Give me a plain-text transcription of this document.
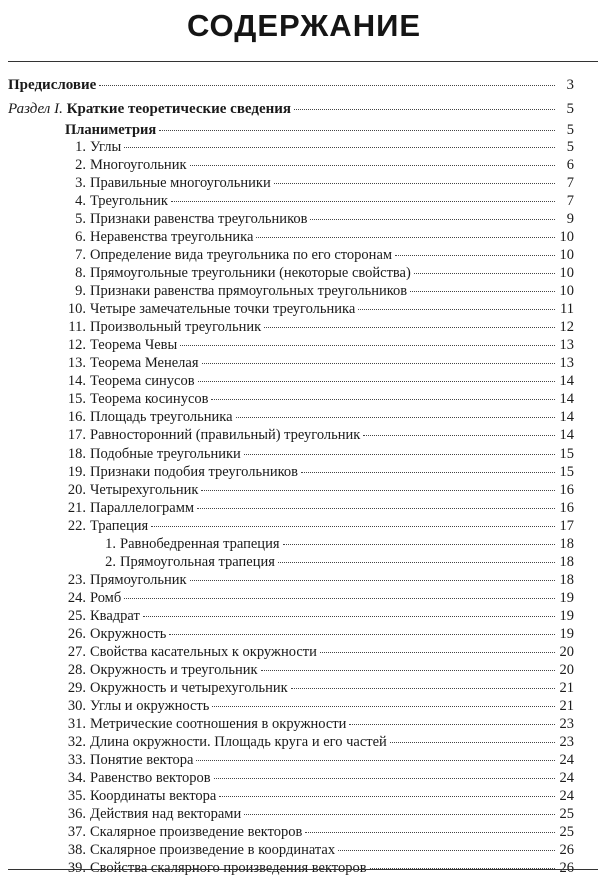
СОДЕРЖАНИЕ
Предисловие	3
Раздел I. Краткие теоретические сведения	5
Планиметрия	5
1. Углы	5
2. Многоугольник	6
3. Правильные многоугольники	7
4. Треугольник	7
5. Признаки равенства треугольников	9
6. Неравенства треугольника	10
7. Определение вида треугольника по его сторонам	10
8. Прямоугольные треугольники (некоторые свойства)	10
9. Признаки равенства прямоугольных треугольников	10
10. Четыре замечательные точки треугольника	11
11. Произвольный треугольник	12
12. Теорема Чевы	13
13. Теорема Менелая	13
14. Теорема синусов	14
15. Теорема косинусов	14
16. Площадь треугольника	14
17. Равносторонний (правильный) треугольник	14
18. Подобные треугольники	15
19. Признаки подобия треугольников	15
20. Четырехугольник	16
21. Параллелограмм	16
22. Трапеция	17
1. Равнобедренная трапеция	18
2. Прямоугольная трапеция	18
23. Прямоугольник	18
24. Ромб	19
25. Квадрат	19
26. Окружность	19
27. Свойства касательных к окружности	20
28. Окружность и треугольник	20
29. Окружность и четырехугольник	21
30. Углы и окружность	21
31. Метрические соотношения в окружности	23
32. Длина окружности. Площадь круга и его частей	23
33. Понятие вектора	24
34. Равенство векторов	24
35. Координаты вектора	24
36. Действия над векторами	25
37. Скалярное произведение векторов	25
38. Скалярное произведение в координатах	26
39. Свойства скалярного произведения векторов	26
